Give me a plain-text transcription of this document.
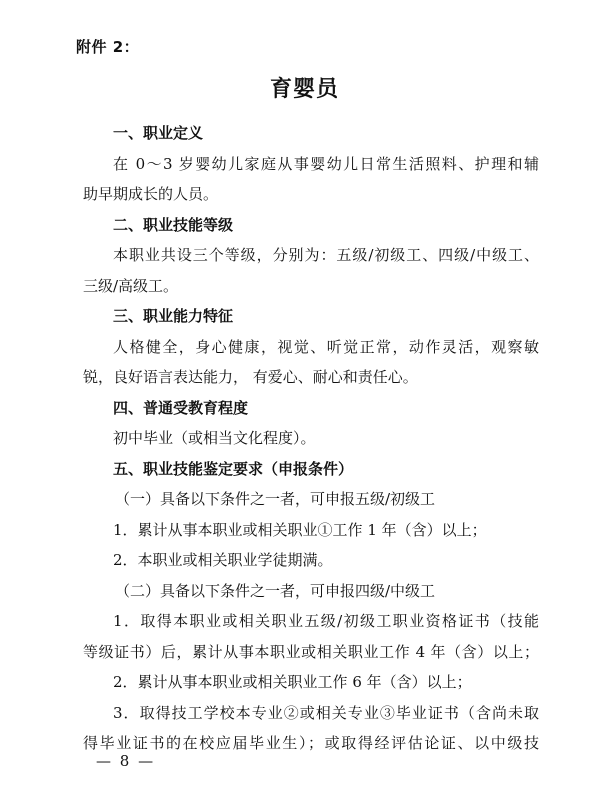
附件 2：
育婴员
一、职业定义
在 0～3 岁婴幼儿家庭从事婴幼儿日常生活照料、护理和辅
助早期成长的人员。
二、职业技能等级
本职业共设三个等级，分别为：五级/初级工、四级/中级工、
三级/高级工。
三、职业能力特征
人格健全，身心健康，视觉、听觉正常，动作灵活，观察敏
锐，良好语言表达能力， 有爱心、耐心和责任心。
四、普通受教育程度
初中毕业（或相当文化程度）。
五、职业技能鉴定要求（申报条件）
（一）具备以下条件之一者，可申报五级/初级工
1．累计从事本职业或相关职业①工作 1 年（含）以上；
2．本职业或相关职业学徒期满。
（二）具备以下条件之一者，可申报四级/中级工
1．取得本职业或相关职业五级/初级工职业资格证书（技能
等级证书）后，累计从事本职业或相关职业工作 4 年（含）以上；
2．累计从事本职业或相关职业工作 6 年（含）以上；
3．取得技工学校本专业②或相关专业③毕业证书（含尚未取
得毕业证书的在校应届毕业生）；或取得经评估论证、以中级技
— 8 —
